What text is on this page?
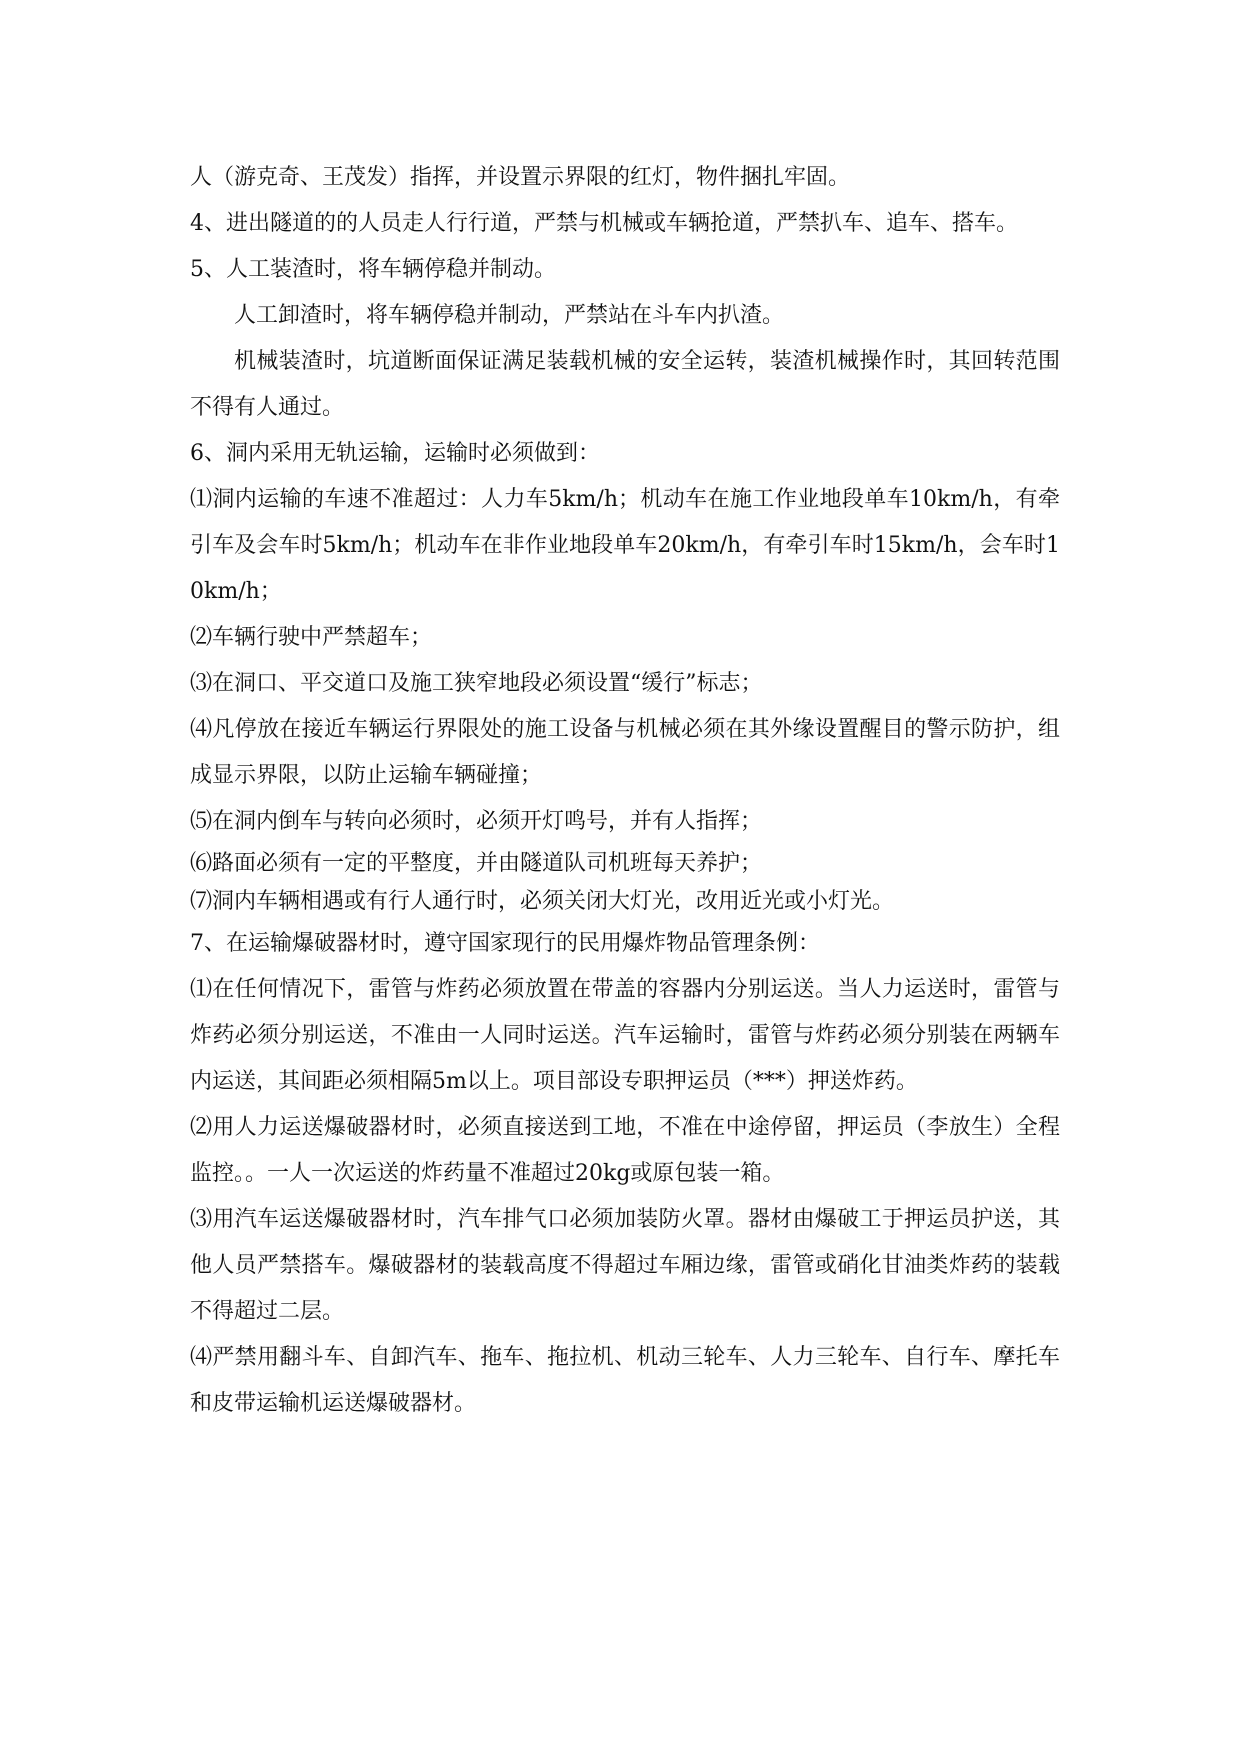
人（游克奇、王茂发）指挥，并设置示界限的红灯，物件捆扎牢固。

4、进出隧道的的人员走人行行道，严禁与机械或车辆抢道，严禁扒车、追车、搭车。

5、人工装渣时，将车辆停稳并制动。

人工卸渣时，将车辆停稳并制动，严禁站在斗车内扒渣。

机械装渣时，坑道断面保证满足装载机械的安全运转，装渣机械操作时，其回转范围不得有人通过。

6、洞内采用无轨运输，运输时必须做到：

⑴洞内运输的车速不准超过：人力车5km/h；机动车在施工作业地段单车10km/h，有牵引车及会车时5km/h；机动车在非作业地段单车20km/h，有牵引车时15km/h，会车时10km/h；

⑵车辆行驶中严禁超车；

⑶在洞口、平交道口及施工狭窄地段必须设置“缓行”标志；

⑷凡停放在接近车辆运行界限处的施工设备与机械必须在其外缘设置醒目的警示防护，组成显示界限，以防止运输车辆碰撞；

⑸在洞内倒车与转向必须时，必须开灯鸣号，并有人指挥；

⑹路面必须有一定的平整度，并由隧道队司机班每天养护；

⑺洞内车辆相遇或有行人通行时，必须关闭大灯光，改用近光或小灯光。

7、在运输爆破器材时，遵守国家现行的民用爆炸物品管理条例：

⑴在任何情况下，雷管与炸药必须放置在带盖的容器内分别运送。当人力运送时，雷管与炸药必须分别运送，不准由一人同时运送。汽车运输时，雷管与炸药必须分别装在两辆车内运送，其间距必须相隔5m以上。项目部设专职押运员（***）押送炸药。

⑵用人力运送爆破器材时，必须直接送到工地，不准在中途停留，押运员（李放生）全程监控。。一人一次运送的炸药量不准超过20kg或原包装一箱。

⑶用汽车运送爆破器材时，汽车排气口必须加装防火罩。器材由爆破工于押运员护送，其他人员严禁搭车。爆破器材的装载高度不得超过车厢边缘，雷管或硝化甘油类炸药的装载不得超过二层。

⑷严禁用翻斗车、自卸汽车、拖车、拖拉机、机动三轮车、人力三轮车、自行车、摩托车和皮带运输机运送爆破器材。
